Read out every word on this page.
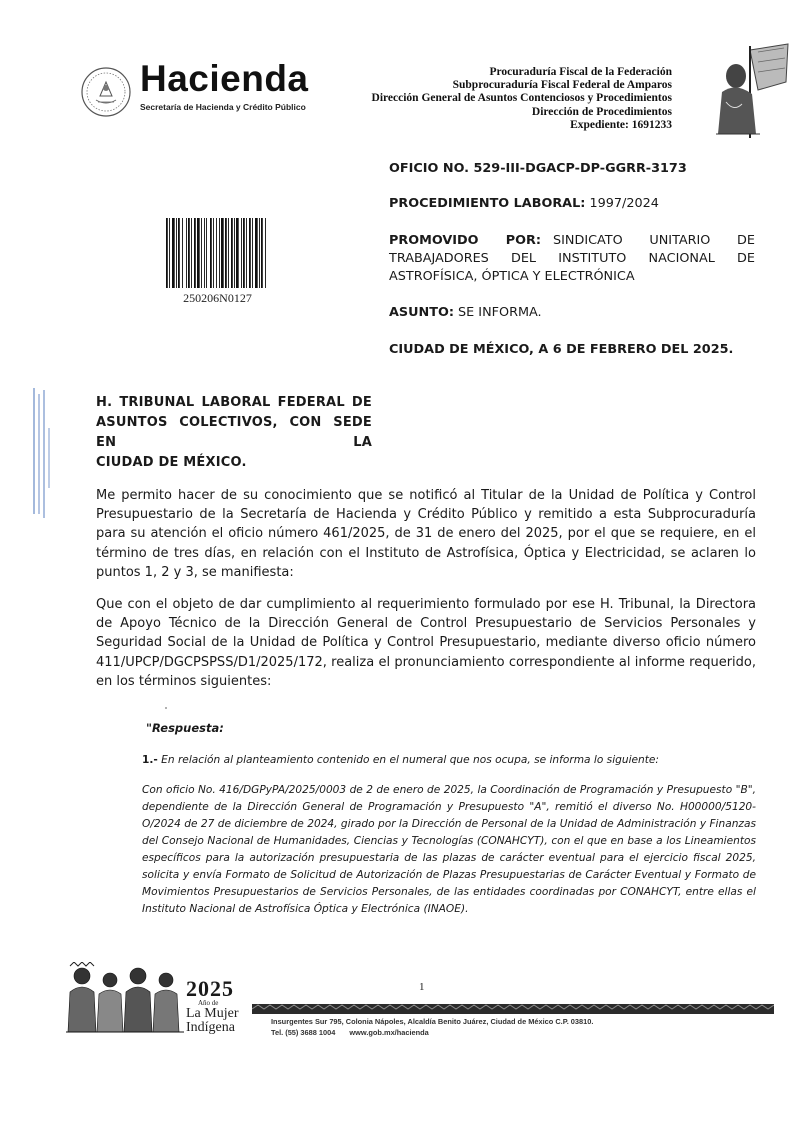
Hacienda
Secretaría de Hacienda y Crédito Público
Procuraduría Fiscal de la Federación
Subprocuraduría Fiscal Federal de Amparos
Dirección General de Asuntos Contenciosos y Procedimientos
Dirección de Procedimientos
Expediente: 1691233
OFICIO NO. 529-III-DGACP-DP-GGRR-3173
PROCEDIMIENTO LABORAL: 1997/2024
PROMOVIDO POR: SINDICATO UNITARIO DE
TRABAJADORES DEL INSTITUTO NACIONAL DE
ASTROFÍSICA, ÓPTICA Y ELECTRÓNICA
ASUNTO: SE INFORMA.
CIUDAD DE MÉXICO, A 6 DE FEBRERO DEL 2025.
250206N0127
H. TRIBUNAL LABORAL FEDERAL DE
ASUNTOS COLECTIVOS, CON SEDE EN LA
CIUDAD DE MÉXICO.
Me permito hacer de su conocimiento que se notificó al Titular de la Unidad de Política y Control Presupuestario de la Secretaría de Hacienda y Crédito Público y remitido a esta Subprocuraduría para su atención el oficio número 461/2025, de 31 de enero del 2025, por el que se requiere, en el término de tres días, en relación con el Instituto de Astrofísica, Óptica y Electricidad, se aclaren lo puntos 1, 2 y 3, se manifiesta:
Que con el objeto de dar cumplimiento al requerimiento formulado por ese H. Tribunal, la Directora de Apoyo Técnico de la Dirección General de Control Presupuestario de Servicios Personales y Seguridad Social de la Unidad de Política y Control Presupuestario, mediante diverso oficio número 411/UPCP/DGCPSPSS/D1/2025/172, realiza el pronunciamiento correspondiente al informe requerido, en los términos siguientes:
"Respuesta:
1.- En relación al planteamiento contenido en el numeral que nos ocupa, se informa lo siguiente:
Con oficio No. 416/DGPyPA/2025/0003 de 2 de enero de 2025, la Coordinación de Programación y Presupuesto "B", dependiente de la Dirección General de Programación y Presupuesto "A", remitió el diverso No. H00000/5120-O/2024 de 27 de diciembre de 2024, girado por la Dirección de Personal de la Unidad de Administración y Finanzas del Consejo Nacional de Humanidades, Ciencias y Tecnologías (CONAHCYT), con el que en base a los Lineamientos específicos para la autorización presupuestaria de las plazas de carácter eventual para el ejercicio fiscal 2025, solicita y envía Formato de Solicitud de Autorización de Plazas Presupuestarias de Carácter Eventual y Formato de Movimientos Presupuestarios de Servicios Personales, de las entidades coordinadas por CONAHCYT, entre ellas el Instituto Nacional de Astrofísica Óptica y Electrónica (INAOE).
1
2025
Año de
La Mujer
Indígena	Insurgentes Sur 795, Colonia Nápoles, Alcaldía Benito Juárez, Ciudad de México C.P. 03810.
Tel. (55) 3688 1004 www.gob.mx/hacienda
